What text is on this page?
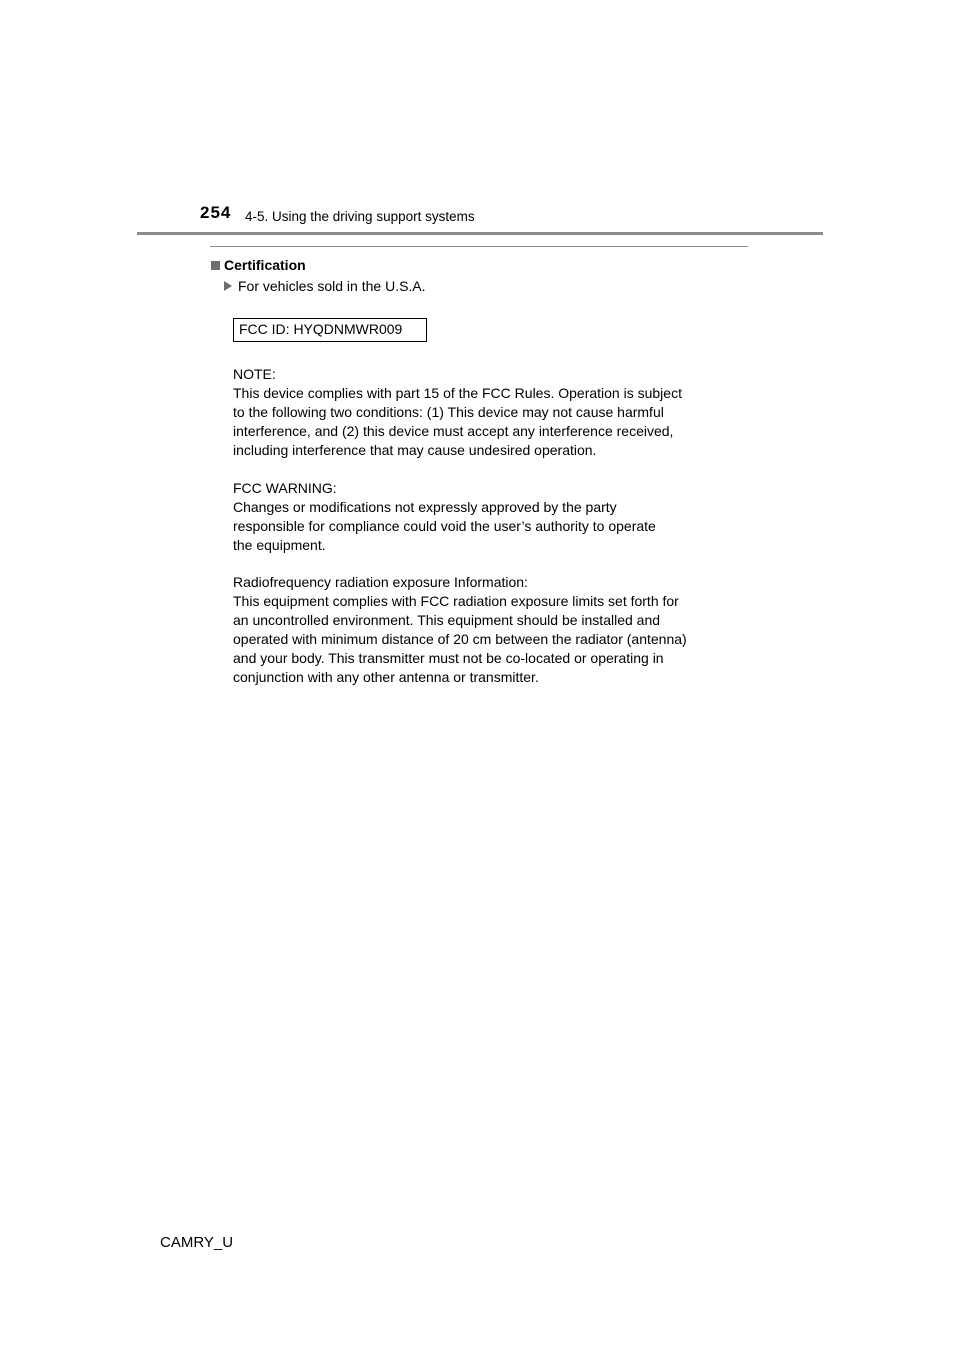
254 4-5. Using the driving support systems
Certification
For vehicles sold in the U.S.A.
FCC ID: HYQDNMWR009

NOTE:

This device complies with part 15 of the FCC Rules. Operation is subject

to the following two conditions: (1) This device may not cause harmful

interference, and (2) this device must accept any interference received,

including interference that may cause undesired operation.

FCC WARNING:

Changes or modifications not expressly approved by the party

responsible for compliance could void the user’s authority to operate

the equipment.

Radiofrequency radiation exposure Information:

This equipment complies with FCC radiation exposure limits set forth for

an uncontrolled environment. This equipment should be installed and

operated with minimum distance of 20 cm between the radiator (antenna)

and your body. This transmitter must not be co-located or operating in

conjunction with any other antenna or transmitter.

CAMRY_U
